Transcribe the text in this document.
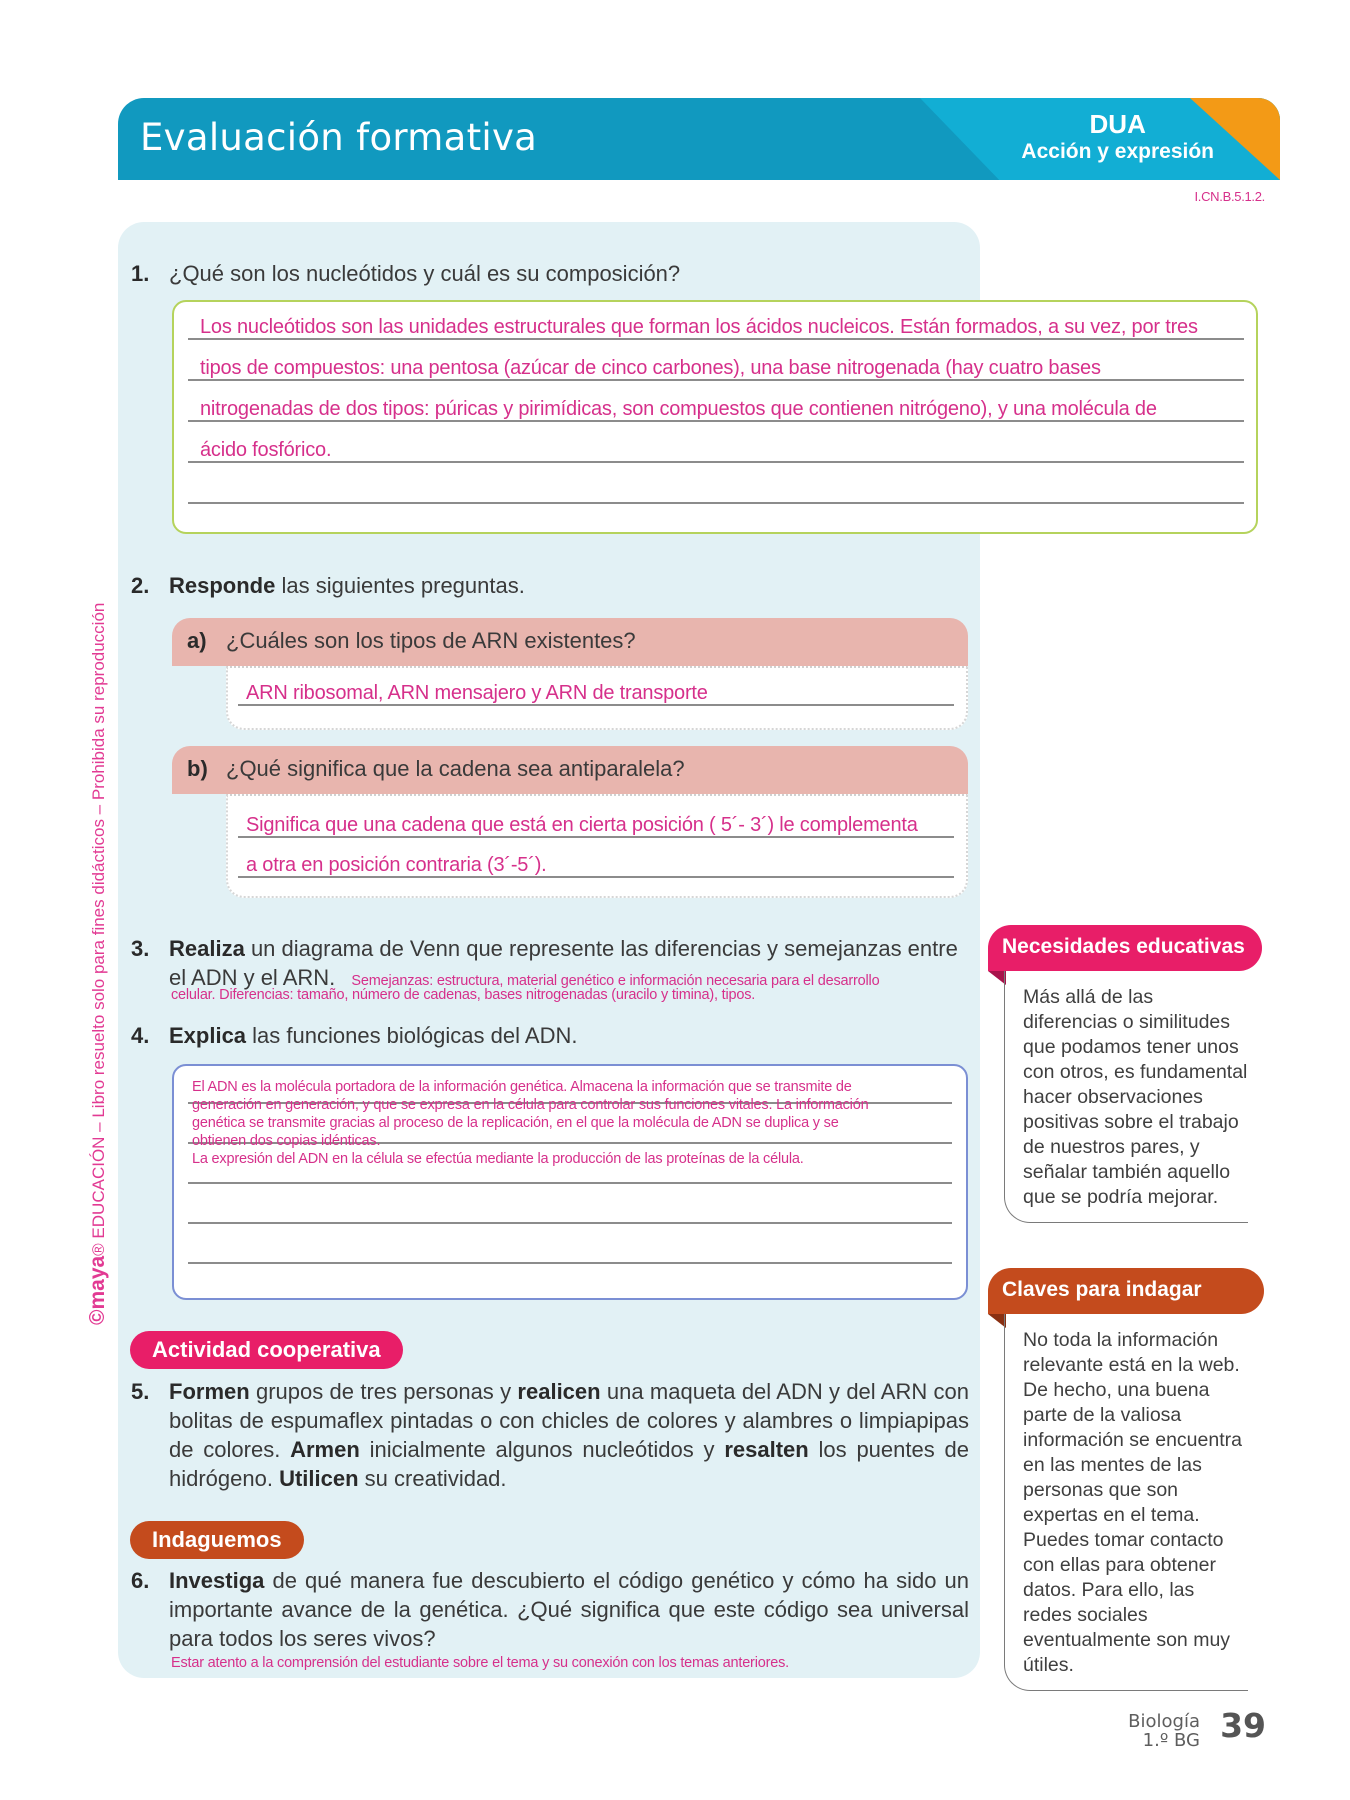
Evaluación formativa	DUA
Acción y expresión
I.CN.B.5.1.2.
©maya® EDUCACIÓN – Libro resuelto solo para fines didácticos – Prohibida su reproducción
1. ¿Qué son los nucleótidos y cuál es su composición?
Los nucleótidos son las unidades estructurales que forman los ácidos nucleicos. Están formados, a su vez, por tres
tipos de compuestos: una pentosa (azúcar de cinco carbones), una base nitrogenada (hay cuatro bases
nitrogenadas de dos tipos: púricas y pirimídicas, son compuestos que contienen nitrógeno), y una molécula de
ácido fosfórico.
2. Responde las siguientes preguntas.
a) ¿Cuáles son los tipos de ARN existentes?
ARN ribosomal, ARN mensajero y ARN de transporte
b) ¿Qué significa que la cadena sea antiparalela?
Significa que una cadena que está en cierta posición ( 5´- 3´) le complementa
a otra en posición contraria (3´-5´).
3. Realiza un diagrama de Venn que represente las diferencias y semejanzas entre
el ADN y el ARN. Semejanzas: estructura, material genético e información necesaria para el desarrollo
celular. Diferencias: tamaño, número de cadenas, bases nitrogenadas (uracilo y timina), tipos.
4. Explica las funciones biológicas del ADN.
El ADN es la molécula portadora de la información genética. Almacena la información que se transmite de
generación en generación, y que se expresa en la célula para controlar sus funciones vitales. La información
genética se transmite gracias al proceso de la replicación, en el que la molécula de ADN se duplica y se
obtienen dos copias idénticas.
La expresión del ADN en la célula se efectúa mediante la producción de las proteínas de la célula.
Actividad cooperativa
5. Formen grupos de tres personas y realicen una maqueta del ADN y del ARN con bolitas de espumaflex pintadas o con chicles de colores y alambres o limpiapipas de colores. Armen inicialmente algunos nucleótidos y resalten los puentes de hidrógeno. Utilicen su creatividad.
Indaguemos
6. Investiga de qué manera fue descubierto el código genético y cómo ha sido un importante avance de la genética. ¿Qué significa que este código sea universal para todos los seres vivos?
Estar atento a la comprensión del estudiante sobre el tema y su conexión con los temas anteriores.
Necesidades educativas
Más allá de las diferencias o similitudes que podamos tener unos con otros, es fundamental hacer observaciones positivas sobre el trabajo de nuestros pares, y señalar también aquello que se podría mejorar.
Claves para indagar
No toda la información relevante está en la web. De hecho, una buena parte de la valiosa información se encuentra en las mentes de las personas que son expertas en el tema. Puedes tomar contacto con ellas para obtener datos. Para ello, las redes sociales eventualmente son muy útiles.
Biología
1.º BG 39
